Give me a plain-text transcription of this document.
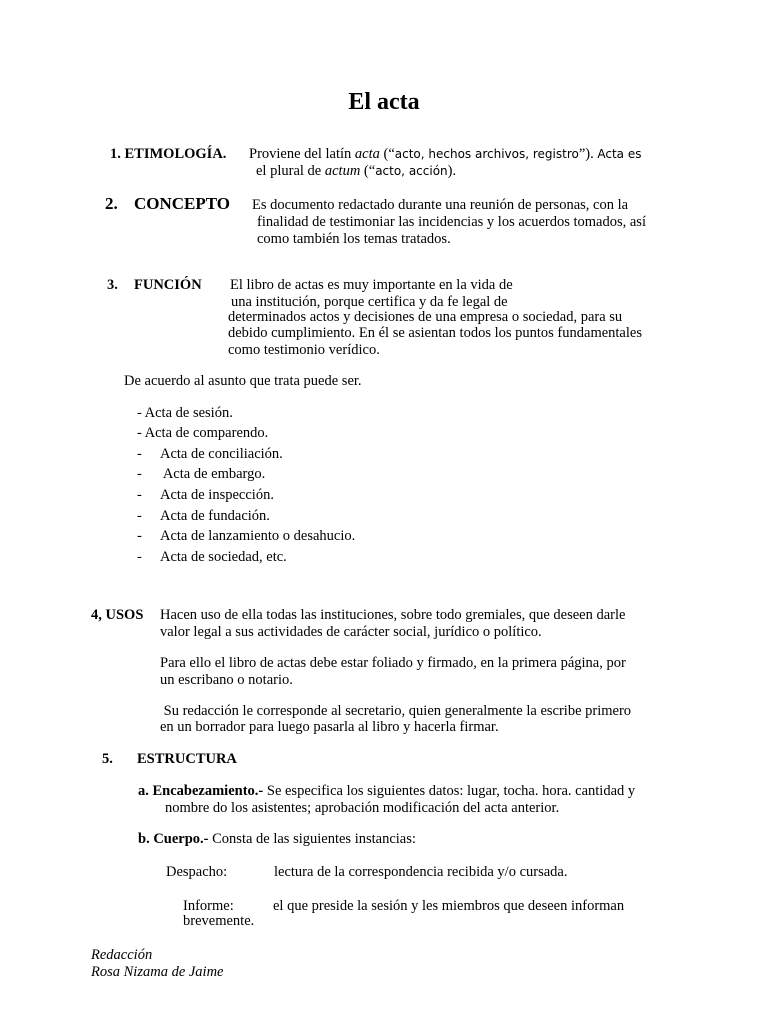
El acta
1. ETIMOLOGÍA. Proviene del latín acta (“acto, hechos archivos, registro”). Acta es
el plural de actum (“acto, acción).
2. CONCEPTO Es documento redactado durante una reunión de personas, con la
finalidad de testimoniar las incidencias y los acuerdos tomados, así
como también los temas tratados.
3. FUNCIÓN El libro de actas es muy importante en la vida de
una institución, porque certifica y da fe legal de
determinados actos y decisiones de una empresa o sociedad, para su
debido cumplimiento. En él se asientan todos los puntos fundamentales
como testimonio verídico.
De acuerdo al asunto que trata puede ser.
- Acta de sesión.
- Acta de comparendo.
- Acta de conciliación.
- Acta de embargo.
- Acta de inspección.
- Acta de fundación.
- Acta de lanzamiento o desahucio.
- Acta de sociedad, etc.
4, USOS Hacen uso de ella todas las instituciones, sobre todo gremiales, que deseen darle
valor legal a sus actividades de carácter social, jurídico o político.
Para ello el libro de actas debe estar foliado y firmado, en la primera página, por
un escribano o notario.
Su redacción le corresponde al secretario, quien generalmente la escribe primero
en un borrador para luego pasarla al libro y hacerla firmar.
5. ESTRUCTURA
a. Encabezamiento.- Se especifica los siguientes datos: lugar, tocha. hora. cantidad y
nombre do los asistentes; aprobación modificación del acta anterior.
b. Cuerpo.- Consta de las siguientes instancias:
Despacho:	lectura de la correspondencia recibida y/o cursada.
Informe:	el que preside la sesión y les miembros que deseen informan
brevemente.
Redacción
Rosa Nizama de Jaime
